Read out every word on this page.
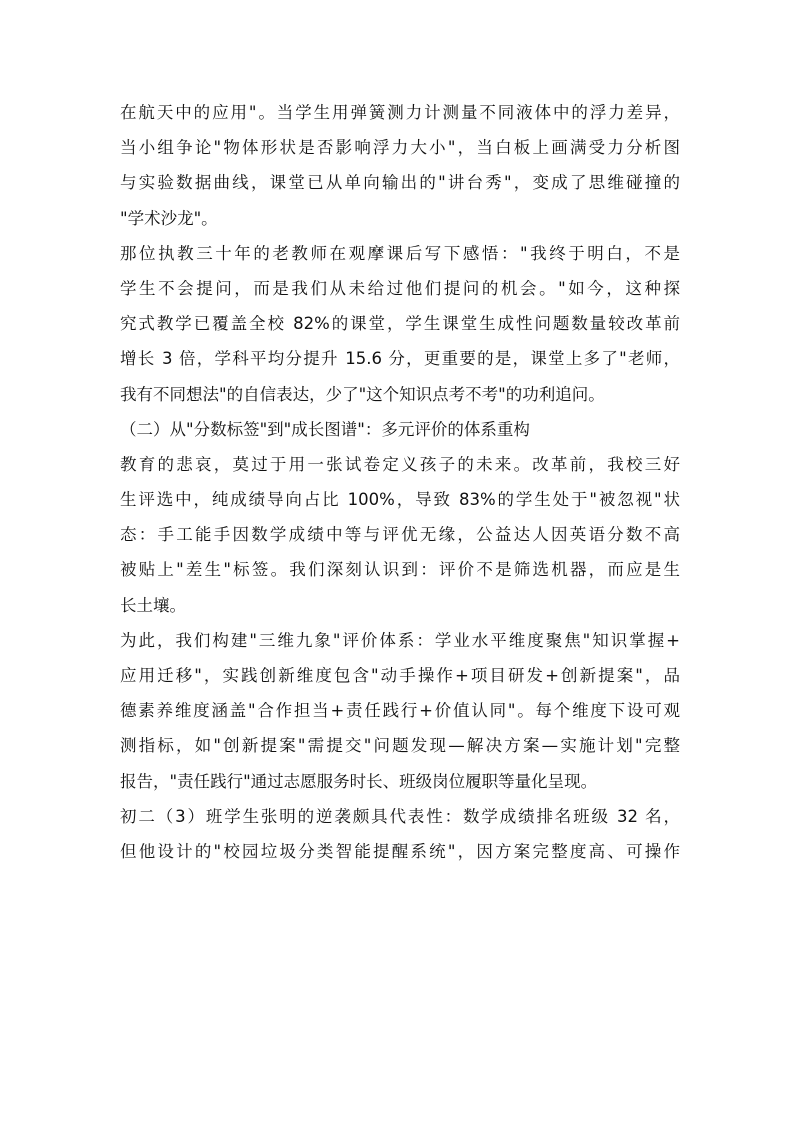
在航天中的应用"。当学生用弹簧测力计测量不同液体中的浮力差异，
当小组争论"物体形状是否影响浮力大小"，当白板上画满受力分析图
与实验数据曲线，课堂已从单向输出的"讲台秀"，变成了思维碰撞的
"学术沙龙"。
那位执教三十年的老教师在观摩课后写下感悟："我终于明白，不是
学生不会提问，而是我们从未给过他们提问的机会。"如今，这种探
究式教学已覆盖全校 82%的课堂，学生课堂生成性问题数量较改革前
增长 3 倍，学科平均分提升 15.6 分，更重要的是，课堂上多了"老师，
我有不同想法"的自信表达，少了"这个知识点考不考"的功利追问。
（二）从"分数标签"到"成长图谱"：多元评价的体系重构
教育的悲哀，莫过于用一张试卷定义孩子的未来。改革前，我校三好
生评选中，纯成绩导向占比 100%，导致 83%的学生处于"被忽视"状
态：手工能手因数学成绩中等与评优无缘，公益达人因英语分数不高
被贴上"差生"标签。我们深刻认识到：评价不是筛选机器，而应是生
长土壤。
为此，我们构建"三维九象"评价体系：学业水平维度聚焦"知识掌握+
应用迁移"，实践创新维度包含"动手操作+项目研发+创新提案"，品
德素养维度涵盖"合作担当+责任践行+价值认同"。每个维度下设可观
测指标，如"创新提案"需提交"问题发现—解决方案—实施计划"完整
报告，"责任践行"通过志愿服务时长、班级岗位履职等量化呈现。
初二（3）班学生张明的逆袭颇具代表性：数学成绩排名班级 32 名，
但他设计的"校园垃圾分类智能提醒系统"，因方案完整度高、可操作
